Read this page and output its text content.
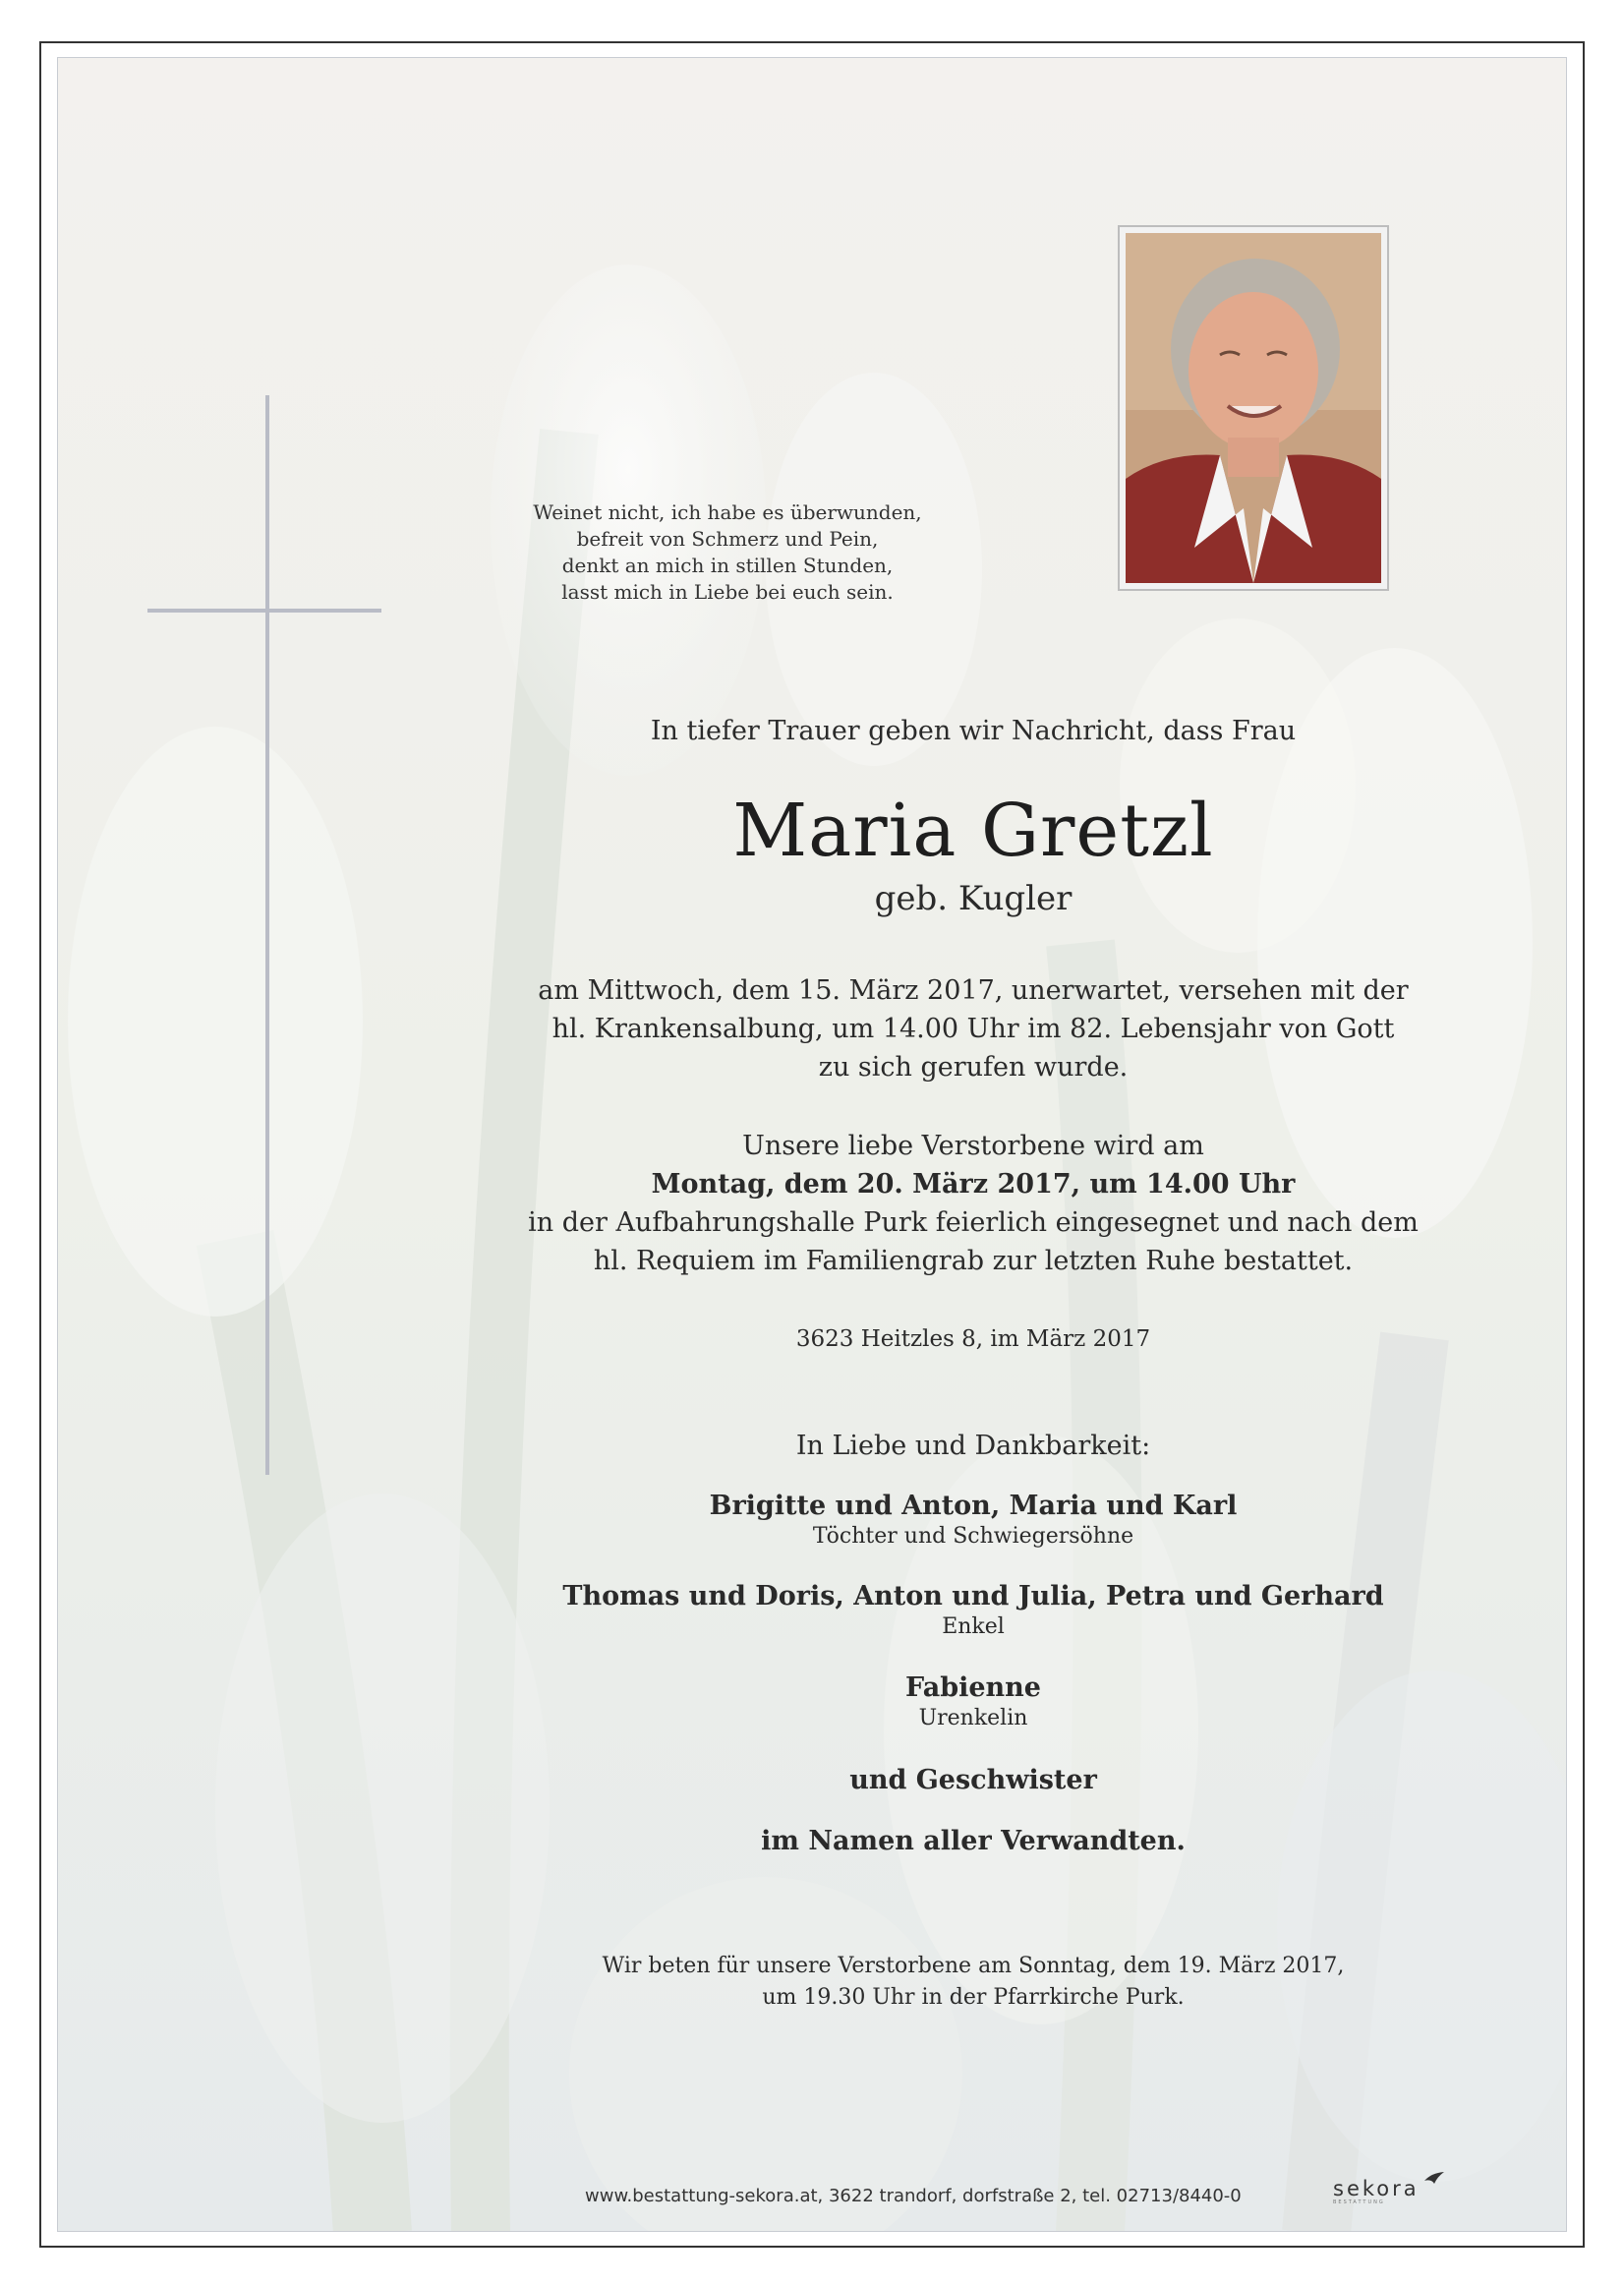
Weinet nicht, ich habe es überwunden,
befreit von Schmerz und Pein,
denkt an mich in stillen Stunden,
lasst mich in Liebe bei euch sein.
In tiefer Trauer geben wir Nachricht, dass Frau
Maria Gretzl
geb. Kugler
am Mittwoch, dem 15. März 2017, unerwartet, versehen mit der
hl. Krankensalbung, um 14.00 Uhr im 82. Lebensjahr von Gott
zu sich gerufen wurde.
Unsere liebe Verstorbene wird am
Montag, dem 20. März 2017, um 14.00 Uhr
in der Aufbahrungshalle Purk feierlich eingesegnet und nach dem
hl. Requiem im Familiengrab zur letzten Ruhe bestattet.
3623 Heitzles 8, im März 2017
In Liebe und Dankbarkeit:
Brigitte und Anton, Maria und Karl
Töchter und Schwiegersöhne
Thomas und Doris, Anton und Julia, Petra und Gerhard
Enkel
Fabienne
Urenkelin
und Geschwister
im Namen aller Verwandten.
Wir beten für unsere Verstorbene am Sonntag, dem 19. März 2017,
um 19.30 Uhr in der Pfarrkirche Purk.
www.bestattung-sekora.at, 3622 trandorf, dorfstraße 2, tel. 02713/8440-0	sekora
BESTATTUNG
